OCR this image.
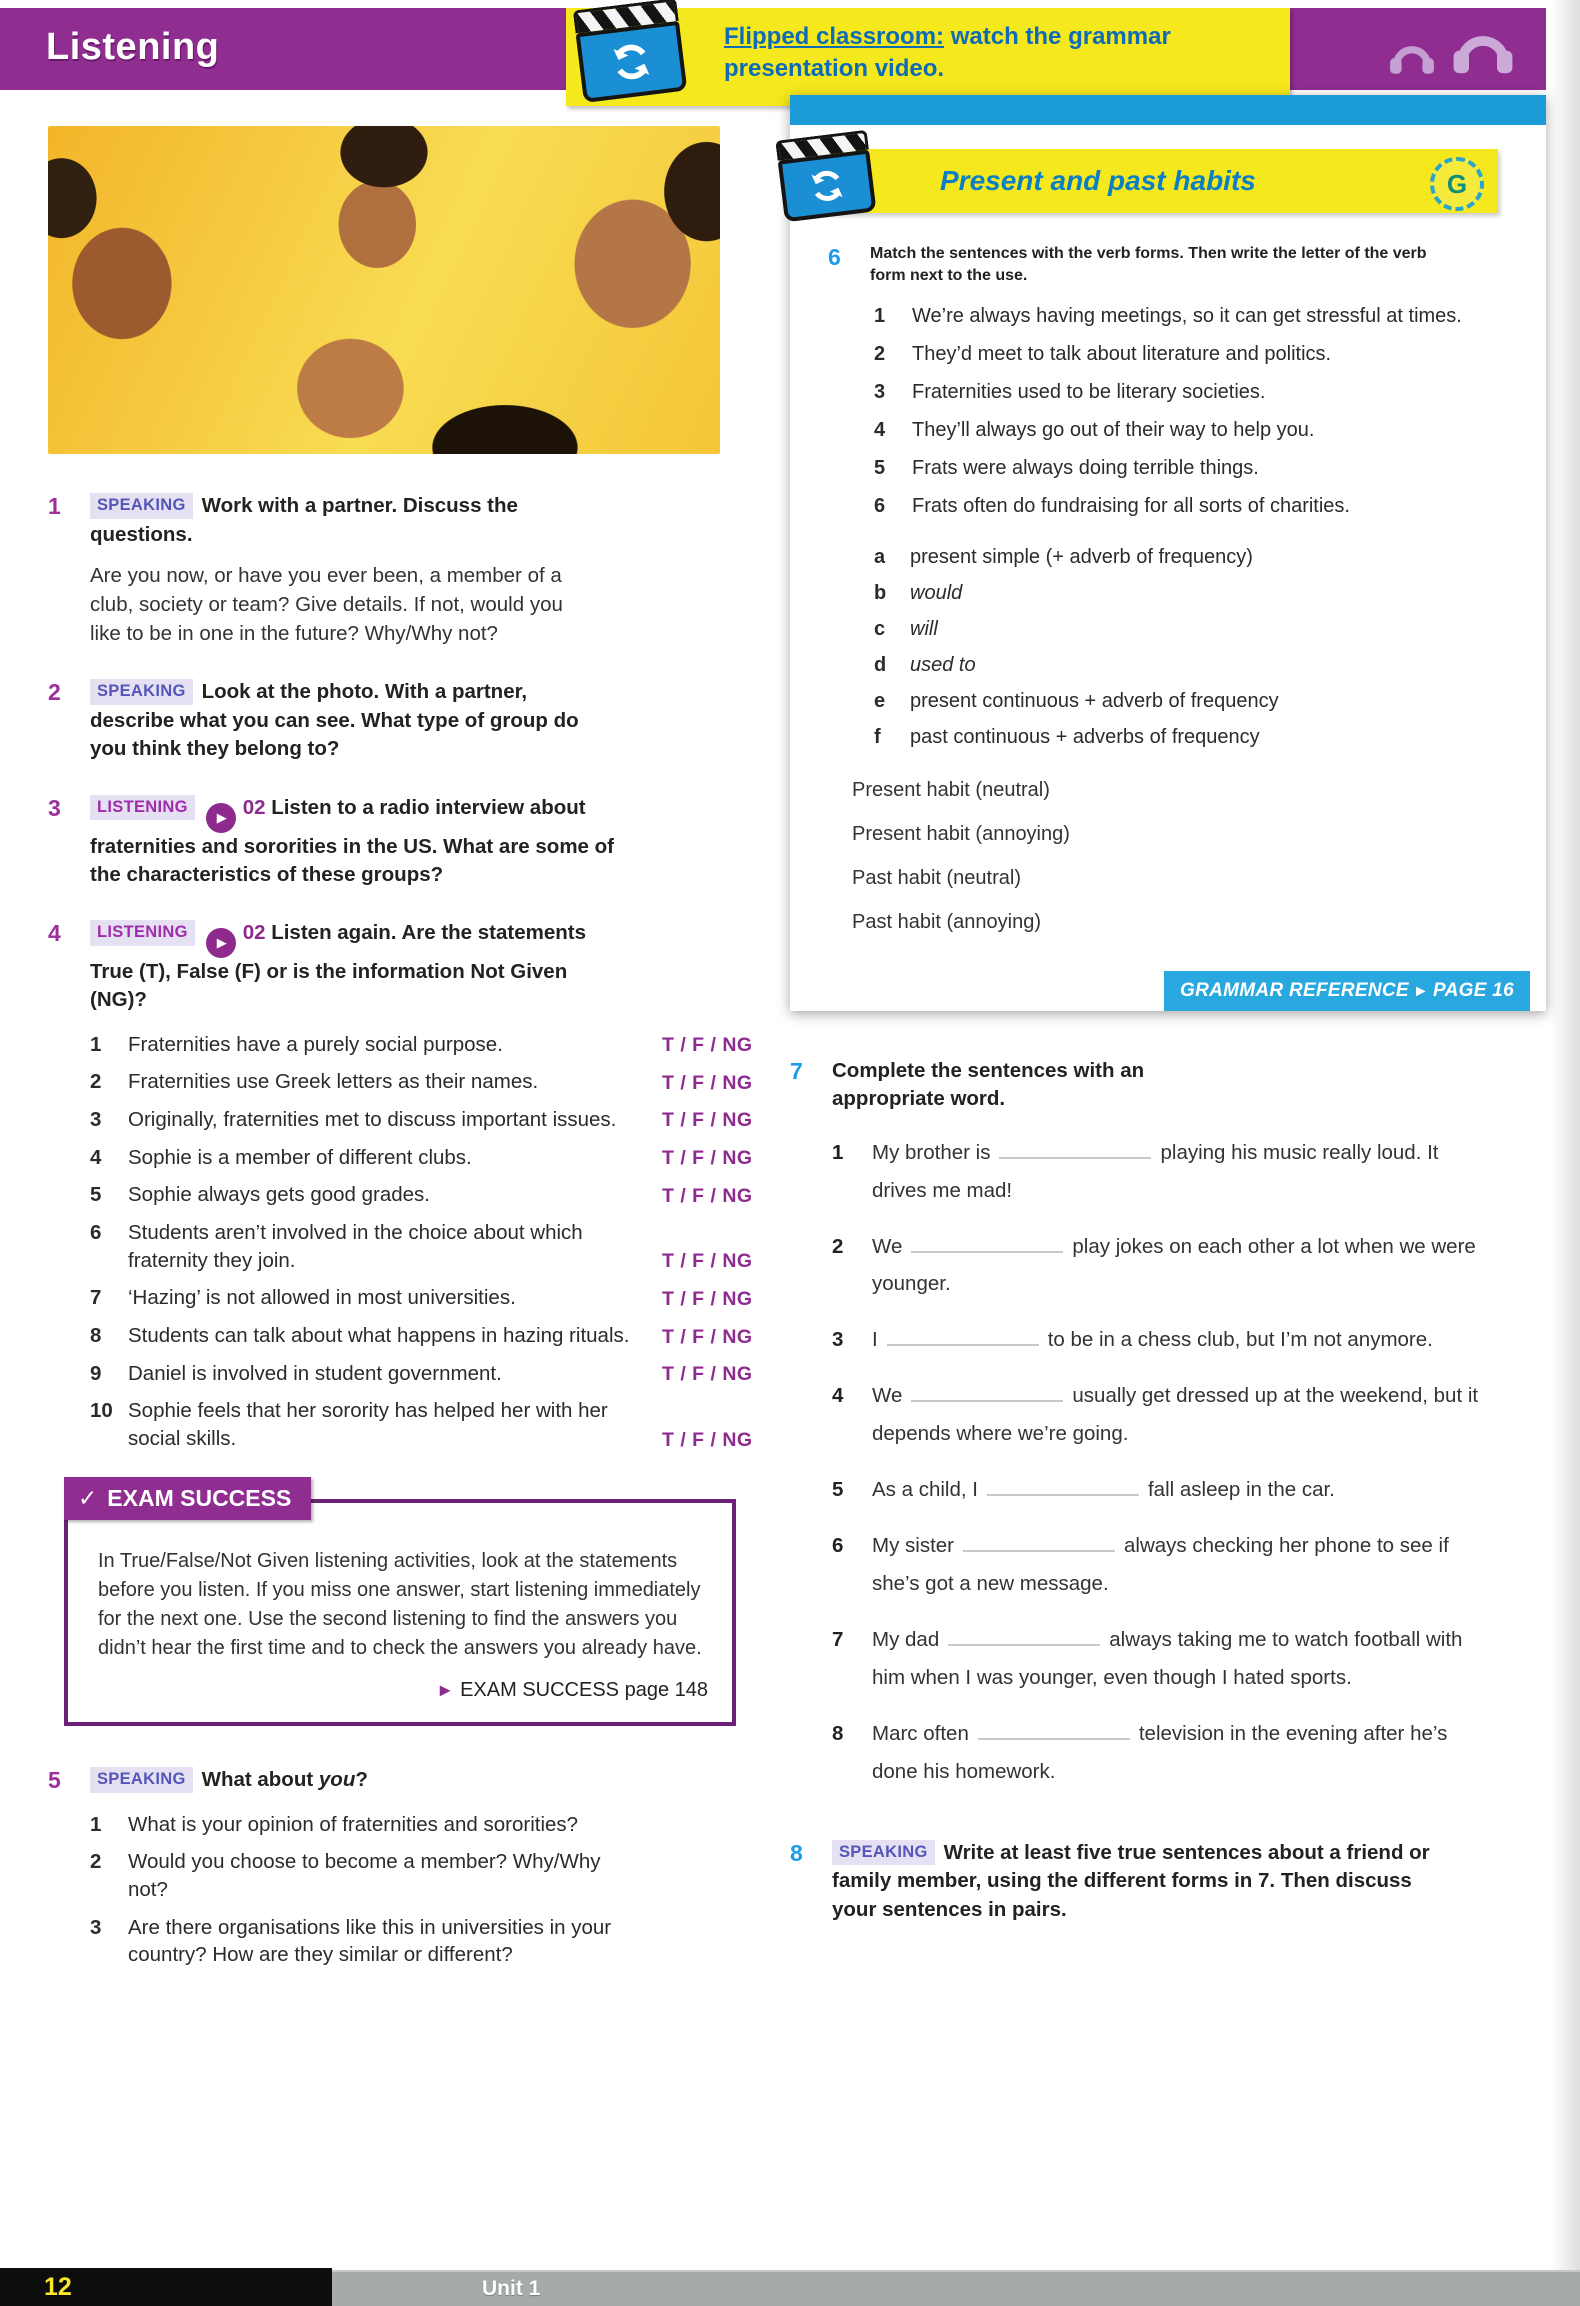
Listening	Flipped classroom: watch the grammar presentation video.
1	SPEAKING Work with a partner. Discuss the questions.
Are you now, or have you ever been, a member of a club, society or team? Give details. If not, would you like to be in one in the future? Why/Why not?
2	SPEAKING Look at the photo. With a partner, describe what you can see. What type of group do you think they belong to?
3	LISTENING▶ 02 Listen to a radio interview about fraternities and sororities in the US. What are some of the characteristics of these groups?
4	LISTENING▶ 02 Listen again. Are the statements True (T), False (F) or is the information Not Given (NG)?
1	Fraternities have a purely social purpose.	T / F / NG
2	Fraternities use Greek letters as their names.	T / F / NG
3	Originally, fraternities met to discuss important issues.	T / F / NG
4	Sophie is a member of different clubs.	T / F / NG
5	Sophie always gets good grades.	T / F / NG
6	Students aren’t involved in the choice about which fraternity they join.	T / F / NG
7	‘Hazing’ is not allowed in most universities.	T / F / NG
8	Students can talk about what happens in hazing rituals.	T / F / NG
9	Daniel is involved in student government.	T / F / NG
10 Sophie feels that her sorority has helped her with her social skills.	T / F / NG
✓ EXAM SUCCESS
In True/False/Not Given listening activities, look at the statements before you listen. If you miss one answer, start listening immediately for the next one. Use the second listening to find the answers you didn’t hear the first time and to check the answers you already have.
► EXAM SUCCESS page 148
5	SPEAKING What about you?
1	What is your opinion of fraternities and sororities?
2	Would you choose to become a member? Why/Why not?
3	Are there organisations like this in universities in your country? How are they similar or different?
Present and past habits	G
6	Match the sentences with the verb forms. Then write the letter of the verb form next to the use.
1	We’re always having meetings, so it can get stressful at times.
2	They’d meet to talk about literature and politics.
3	Fraternities used to be literary societies.
4	They’ll always go out of their way to help you.
5	Frats were always doing terrible things.
6	Frats often do fundraising for all sorts of charities.
a	present simple (+ adverb of frequency)
b	would
c	will
d	used to
e	present continuous + adverb of frequency
f	past continuous + adverbs of frequency
Present habit (neutral)
Present habit (annoying)
Past habit (neutral)
Past habit (annoying)
GRAMMAR REFERENCE ► PAGE 16
7	Complete the sentences with an appropriate word.
1	My brother is	playing his music really loud. It drives me mad!
2	We	play jokes on each other a lot when we were younger.
3	I	to be in a chess club, but I’m not anymore.
4	We	usually get dressed up at the weekend, but it depends where we’re going.
5	As a child, I	fall asleep in the car.
6	My sister	always checking her phone to see if she’s got a new message.
7	My dad	always taking me to watch football with him when I was younger, even though I hated sports.
8	Marc often	television in the evening after he’s done his homework.
8	SPEAKING Write at least five true sentences about a friend or family member, using the different forms in 7. Then discuss your sentences in pairs.
12	Unit 1
